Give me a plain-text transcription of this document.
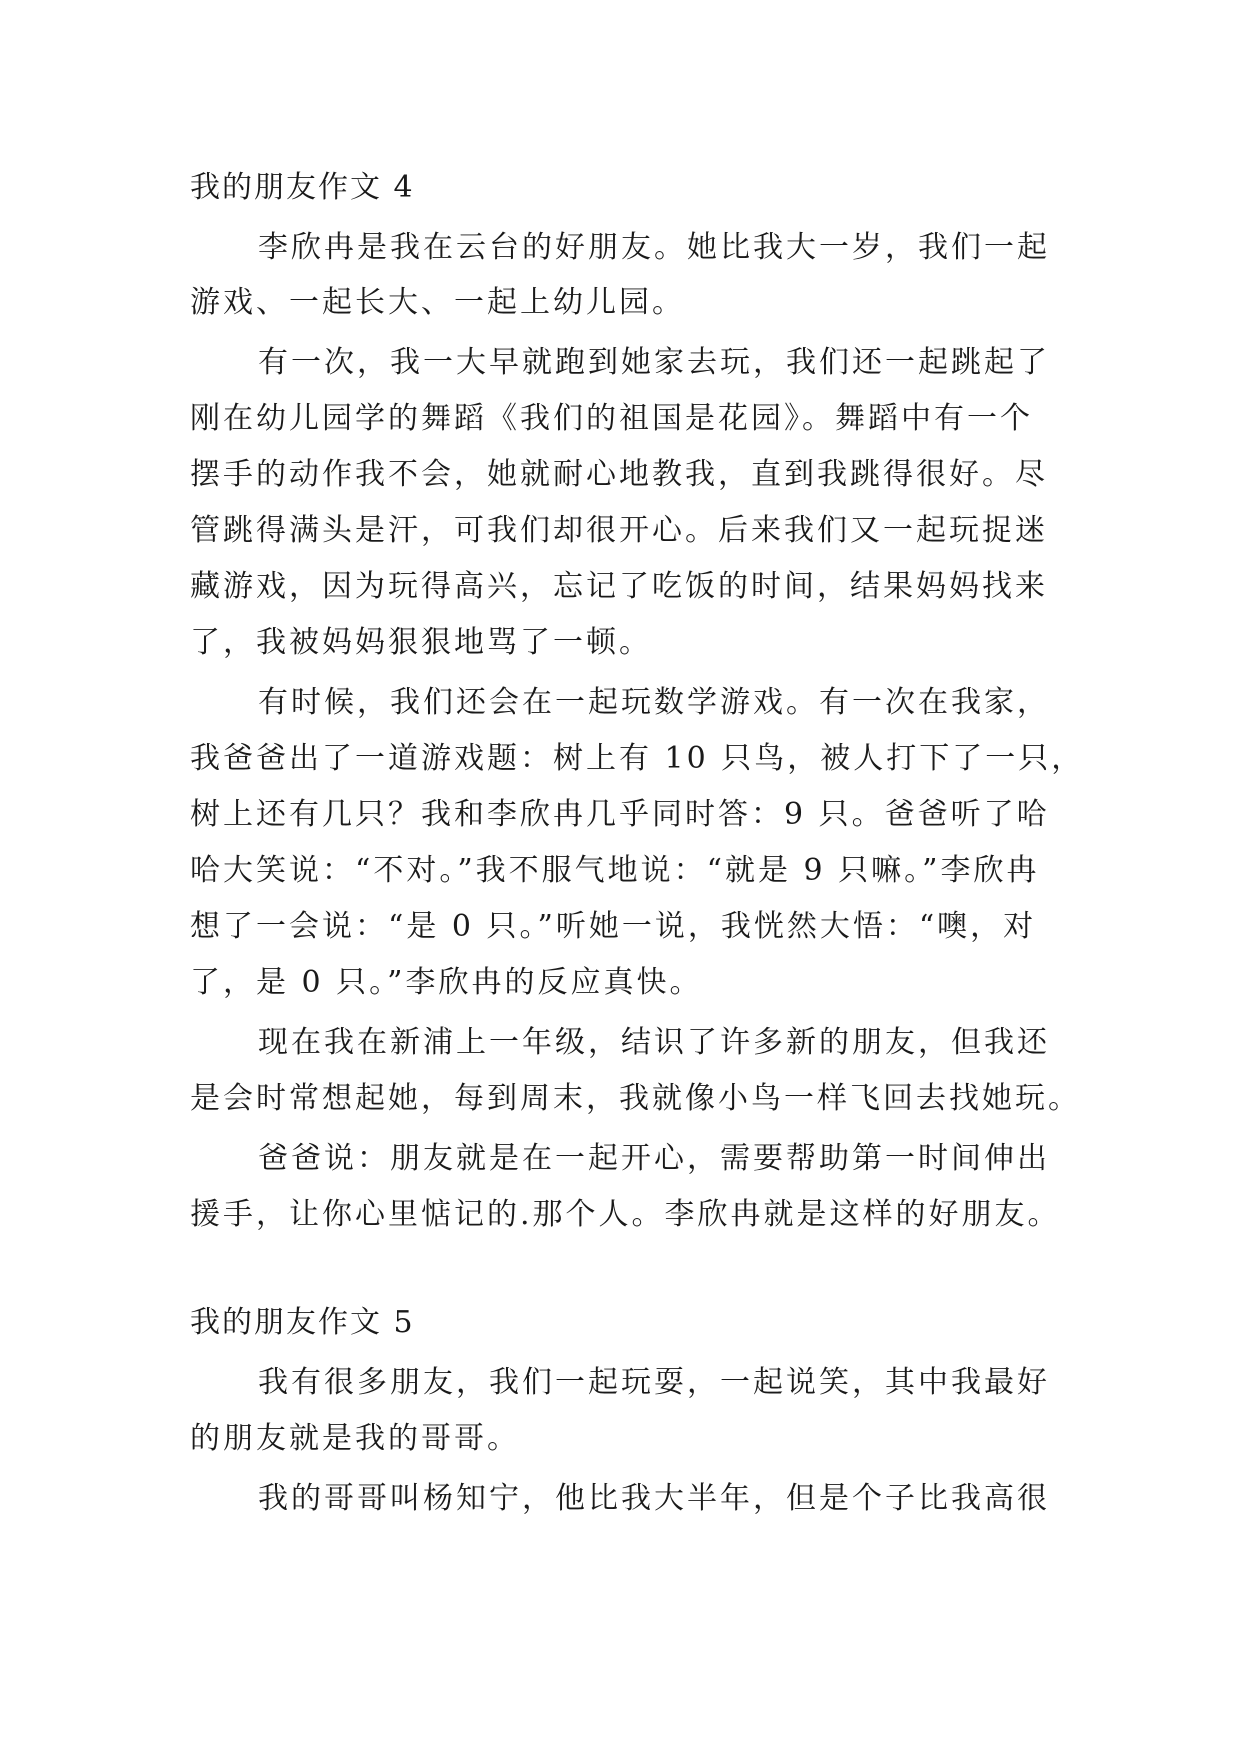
我的朋友作文 4
李欣冉是我在云台的好朋友。她比我大一岁，我们一起
游戏、一起长大、一起上幼儿园。
有一次，我一大早就跑到她家去玩，我们还一起跳起了
刚在幼儿园学的舞蹈《我们的祖国是花园》。舞蹈中有一个
摆手的动作我不会，她就耐心地教我，直到我跳得很好。尽
管跳得满头是汗，可我们却很开心。后来我们又一起玩捉迷
藏游戏，因为玩得高兴，忘记了吃饭的时间，结果妈妈找来
了，我被妈妈狠狠地骂了一顿。
有时候，我们还会在一起玩数学游戏。有一次在我家，
我爸爸出了一道游戏题：树上有 10 只鸟，被人打下了一只，
树上还有几只？我和李欣冉几乎同时答：9 只。爸爸听了哈
哈大笑说：“不对。”我不服气地说：“就是 9 只嘛。”李欣冉
想了一会说：“是 0 只。”听她一说，我恍然大悟：“噢，对
了，是 0 只。”李欣冉的反应真快。
现在我在新浦上一年级，结识了许多新的朋友，但我还
是会时常想起她，每到周末，我就像小鸟一样飞回去找她玩。
爸爸说：朋友就是在一起开心，需要帮助第一时间伸出
援手，让你心里惦记的.那个人。李欣冉就是这样的好朋友。
我的朋友作文 5
我有很多朋友，我们一起玩耍，一起说笑，其中我最好
的朋友就是我的哥哥。
我的哥哥叫杨知宁，他比我大半年，但是个子比我高很
